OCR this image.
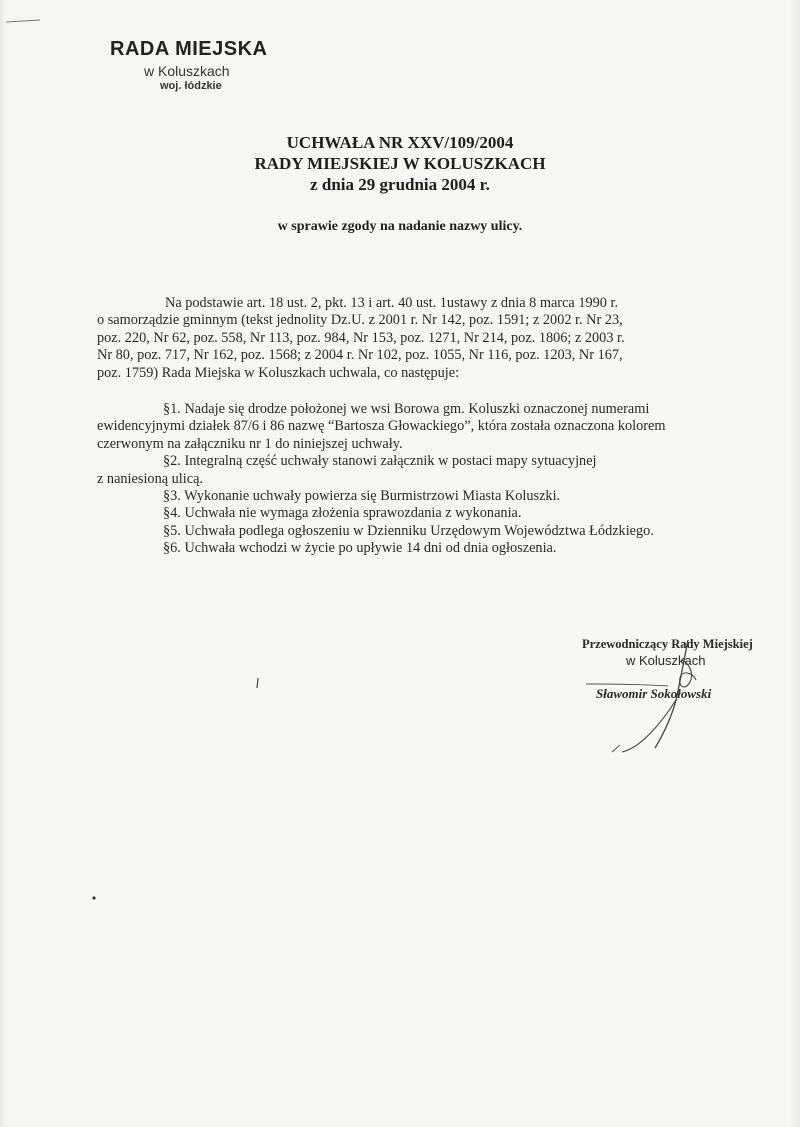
RADA MIEJSKA
w Koluszkach
woj. łódzkie
UCHWAŁA NR XXV/109/2004
RADY MIEJSKIEJ W KOLUSZKACH
z dnia 29 grudnia 2004 r.
w sprawie zgody na nadanie nazwy ulicy.
Na podstawie art. 18 ust. 2, pkt. 13 i art. 40 ust. 1ustawy z dnia 8 marca 1990 r.
o samorządzie gminnym (tekst jednolity Dz.U. z 2001 r. Nr 142, poz. 1591; z 2002 r. Nr 23,
poz. 220, Nr 62, poz. 558, Nr 113, poz. 984, Nr 153, poz. 1271, Nr 214, poz. 1806; z 2003 r.
Nr 80, poz. 717, Nr 162, poz. 1568; z 2004 r. Nr 102, poz. 1055, Nr 116, poz. 1203, Nr 167,
poz. 1759) Rada Miejska w Koluszkach uchwala, co następuje:
§1. Nadaje się drodze położonej we wsi Borowa gm. Koluszki oznaczonej numerami
ewidencyjnymi działek 87/6 i 86 nazwę “Bartosza Głowackiego”, która została oznaczona kolorem
czerwonym na załączniku nr 1 do niniejszej uchwały.
§2. Integralną część uchwały stanowi załącznik w postaci mapy sytuacyjnej
z naniesioną ulicą.
§3. Wykonanie uchwały powierza się Burmistrzowi Miasta Koluszki.
§4. Uchwała nie wymaga złożenia sprawozdania z wykonania.
§5. Uchwała podlega ogłoszeniu w Dzienniku Urzędowym Województwa Łódzkiego.
§6. Uchwała wchodzi w życie po upływie 14 dni od dnia ogłoszenia.
Przewodniczący Rady Miejskiej
w Koluszkach
Sławomir Sokołowski
